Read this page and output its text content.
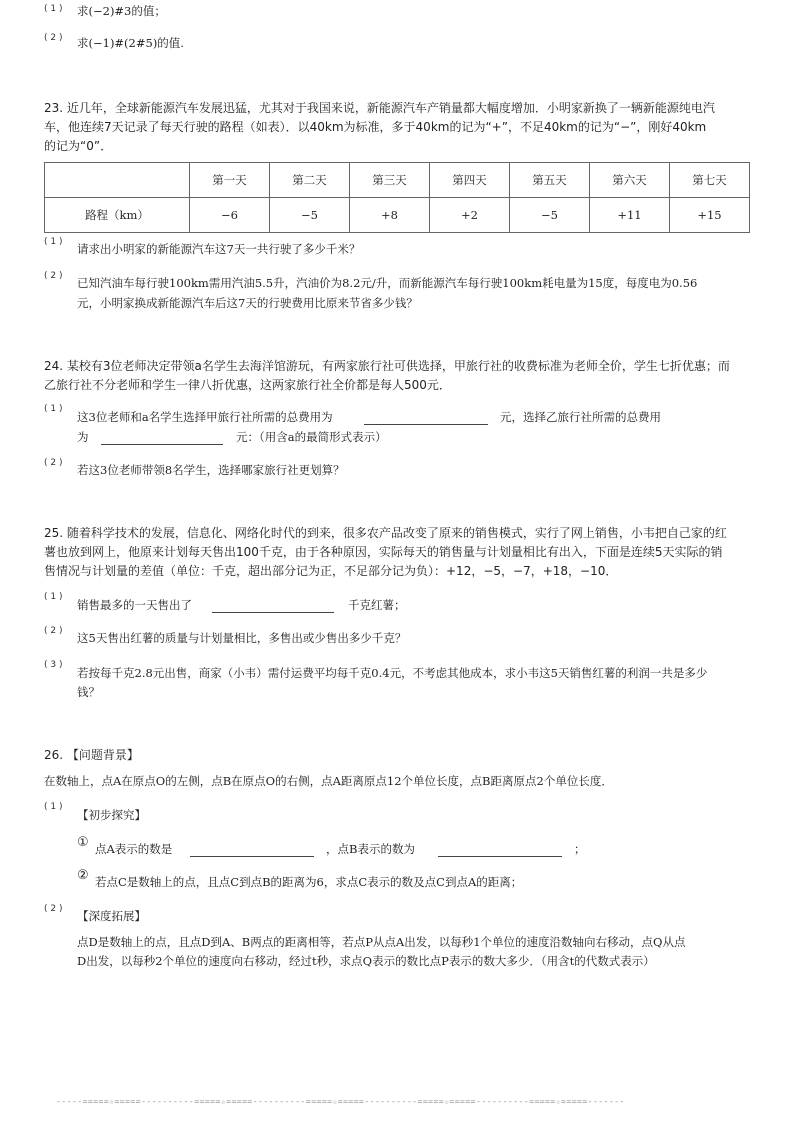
( 1 ) 求(−2)#3的值；
( 2 ) 求(−1)#(2#5)的值.
23. 近几年，全球新能源汽车发展迅猛，尤其对于我国来说，新能源汽车产销量都大幅度增加．小明家新换了一辆新能源纯电汽
车，他连续7天记录了每天行驶的路程（如表）．以40km为标准，多于40km的记为“+”，不足40km的记为“−”，刚好40km
的记为“0”．
	第一天	第二天	第三天	第四天	第五天	第六天	第七天
路程（km）	−6	−5	+8	+2	−5	+11	+15
( 1 ) 请求出小明家的新能源汽车这7天一共行驶了多少千米？
( 2 ) 已知汽油车每行驶100km需用汽油5.5升，汽油价为8.2元/升，而新能源汽车每行驶100km耗电量为15度，每度电为0.56
元，小明家换成新能源汽车后这7天的行驶费用比原来节省多少钱？
24. 某校有3位老师决定带领a名学生去海洋馆游玩，有两家旅行社可供选择，甲旅行社的收费标准为老师全价，学生七折优惠；而
乙旅行社不分老师和学生一律八折优惠，这两家旅行社全价都是每人500元．
( 1 )
这3位老师和a名学生选择甲旅行社所需的总费用为	元，选择乙旅行社所需的总费用
为	元：（用含a的最简形式表示）
( 2 ) 若这3位老师带领8名学生，选择哪家旅行社更划算？
25. 随着科学技术的发展，信息化、网络化时代的到来，很多农产品改变了原来的销售模式，实行了网上销售，小韦把自己家的红
薯也放到网上，他原来计划每天售出100千克，由于各种原因，实际每天的销售量与计划量相比有出入，下面是连续5天实际的销
售情况与计划量的差值（单位：千克，超出部分记为正，不足部分记为负）：+12，−5，−7，+18，−10．
( 1 )
销售最多的一天售出了	千克红薯；
( 2 ) 这5天售出红薯的质量与计划量相比，多售出或少售出多少千克？
( 3 )
若按每千克2.8元出售，商家（小韦）需付运费平均每千克0.4元，不考虑其他成本，求小韦这5天销售红薯的利润一共是多少
钱？
26. 【问题背景】
在数轴上，点A在原点O的左侧，点B在原点O的右侧，点A距离原点12个单位长度，点B距离原点2个单位长度．
( 1 )
【初步探究】
① 点A表示的数是	，点B表示的数为	；
② 若点C是数轴上的点，且点C到点B的距离为6，求点C表示的数及点C到点A的距离；
( 2 ) 【深度拓展】
点D是数轴上的点，且点D到A、B两点的距离相等，若点P从点A出发，以每秒1个单位的速度沿数轴向右移动，点Q从点
D出发，以每秒2个单位的速度向右移动，经过t秒，求点Q表示的数比点P表示的数大多少．（用含t的代数式表示）
-----=====☆=====----------=====☆=====----------=====☆=====----------=====☆=====----------=====☆=====-------
